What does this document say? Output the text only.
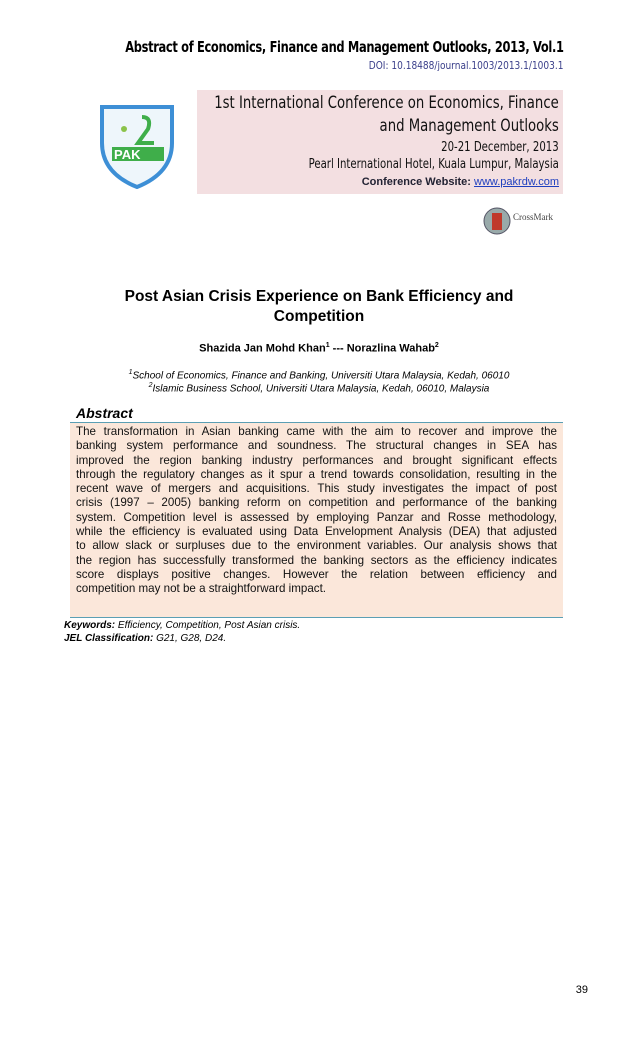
Abstract of Economics, Finance and Management Outlooks, 2013, Vol.1
DOI: 10.18488/journal.1003/2013.1/1003.1
PAK
1st International Conference on Economics, Finance
and Management Outlooks
20-21 December, 2013
Pearl International Hotel, Kuala Lumpur, Malaysia
Conference Website: www.pakrdw.com
CrossMark
Post Asian Crisis Experience on Bank Efficiency and
Competition
Shazida Jan Mohd Khan$^1$ --- Norazlina Wahab$^2$
$^1$School of Economics, Finance and Banking, Universiti Utara Malaysia, Kedah, 06010
$^2$Islamic Business School, Universiti Utara Malaysia, Kedah, 06010, Malaysia
Abstract
The transformation in Asian banking came with the aim to recover and improve the
banking system performance and soundness. The structural changes in SEA has
improved the region banking industry performances and brought significant effects
through the regulatory changes as it spur a trend towards consolidation, resulting in the
recent wave of mergers and acquisitions. This study investigates the impact of post
crisis (1997 – 2005) banking reform on competition and performance of the banking
system. Competition level is assessed by employing Panzar and Rosse methodology,
while the efficiency is evaluated using Data Envelopment Analysis (DEA) that adjusted
to allow slack or surpluses due to the environment variables. Our analysis shows that
the region has successfully transformed the banking sectors as the efficiency indicates
score displays positive changes. However the relation between efficiency and
competition may not be a straightforward impact.
Keywords: Efficiency, Competition, Post Asian crisis.
JEL Classification: G21, G28, D24.
39
